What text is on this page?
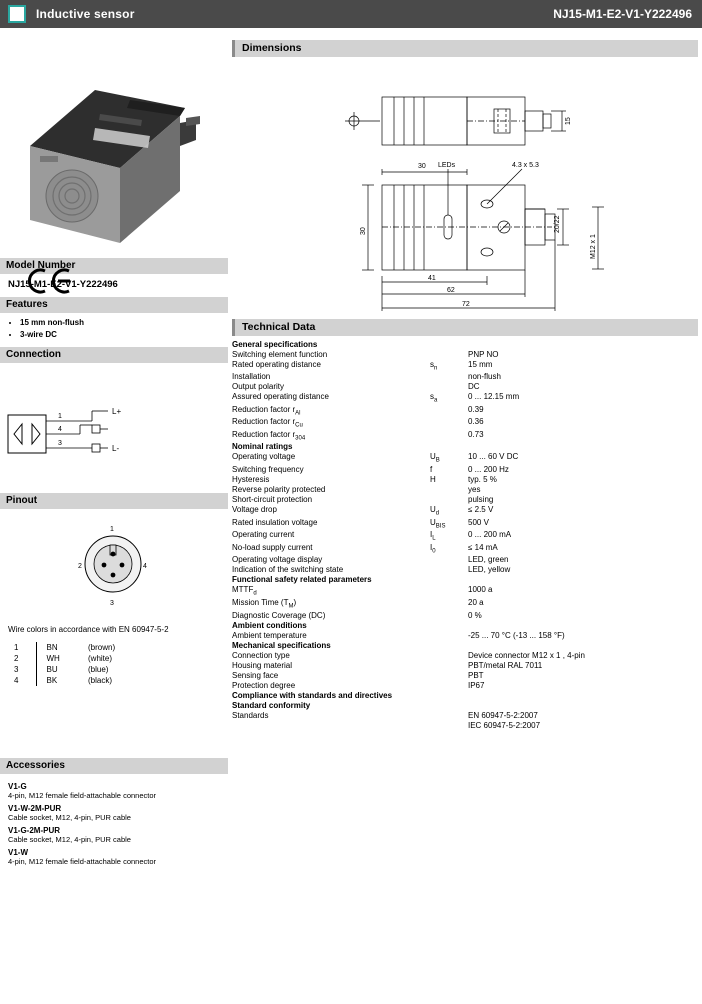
Inductive sensor	NJ15-M1-E2-V1-Y222496
Model Number
NJ15-M1-E2-V1-Y222496
Features
• 15 mm non-flush
• 3-wire DC
Connection
1
4
3
L+
L-
Pinout
1
2	4
3
Wire colors in accordance with EN 60947-5-2
1	BN	(brown)
2	WH	(white)
3	BU	(blue)
4	BK	(black)
Accessories
V1-G
4-pin, M12 female field-attachable connector
V1-W-2M-PUR
Cable socket, M12, 4-pin, PUR cable
V1-G-2M-PUR
Cable socket, M12, 4-pin, PUR cable
V1-W
4-pin, M12 female field-attachable connector
Dimensions
15
30 LEDs	4.3 x 5.3
30	20/22
M12 x 1
41
62
72
Technical Data
General specifications		
Switching element function		PNP NO
Rated operating distance	$s_n$	15 mm
Installation		non-flush
Output polarity		DC
Assured operating distance	$s_a$	0 ... 12.15 mm
Reduction factor $r_{Al}$		0.39
Reduction factor $r_{Cu}$		0.36
Reduction factor $r_{304}$		0.73
Nominal ratings		
Operating voltage	$U_B$	10 ... 60 V DC
Switching frequency	f	0 ... 200 Hz
Hysteresis	H	typ. 5 %
Reverse polarity protected		yes
Short-circuit protection		pulsing
Voltage drop	$U_d$	≤ 2.5 V
Rated insulation voltage	$U_{BIS}$	500 V
Operating current	$I_L$	0 ... 200 mA
No-load supply current	$I_0$	≤ 14 mA
Operating voltage display		LED, green
Indication of the switching state		LED, yellow
Functional safety related parameters		
$MTTF_d$		1000 a
Mission Time $(T_M)$		20 a
Diagnostic Coverage (DC)		0 %
Ambient conditions		
Ambient temperature		-25 ... 70 °C (-13 ... 158 °F)
Mechanical specifications		
Connection type		Device connector M12 x 1 , 4-pin
Housing material		PBT/metal RAL 7011
Sensing face		PBT
Protection degree		IP67
Compliance with standards and directives		
Standard conformity		
Standards		EN 60947-5-2:2007
		IEC 60947-5-2:2007
